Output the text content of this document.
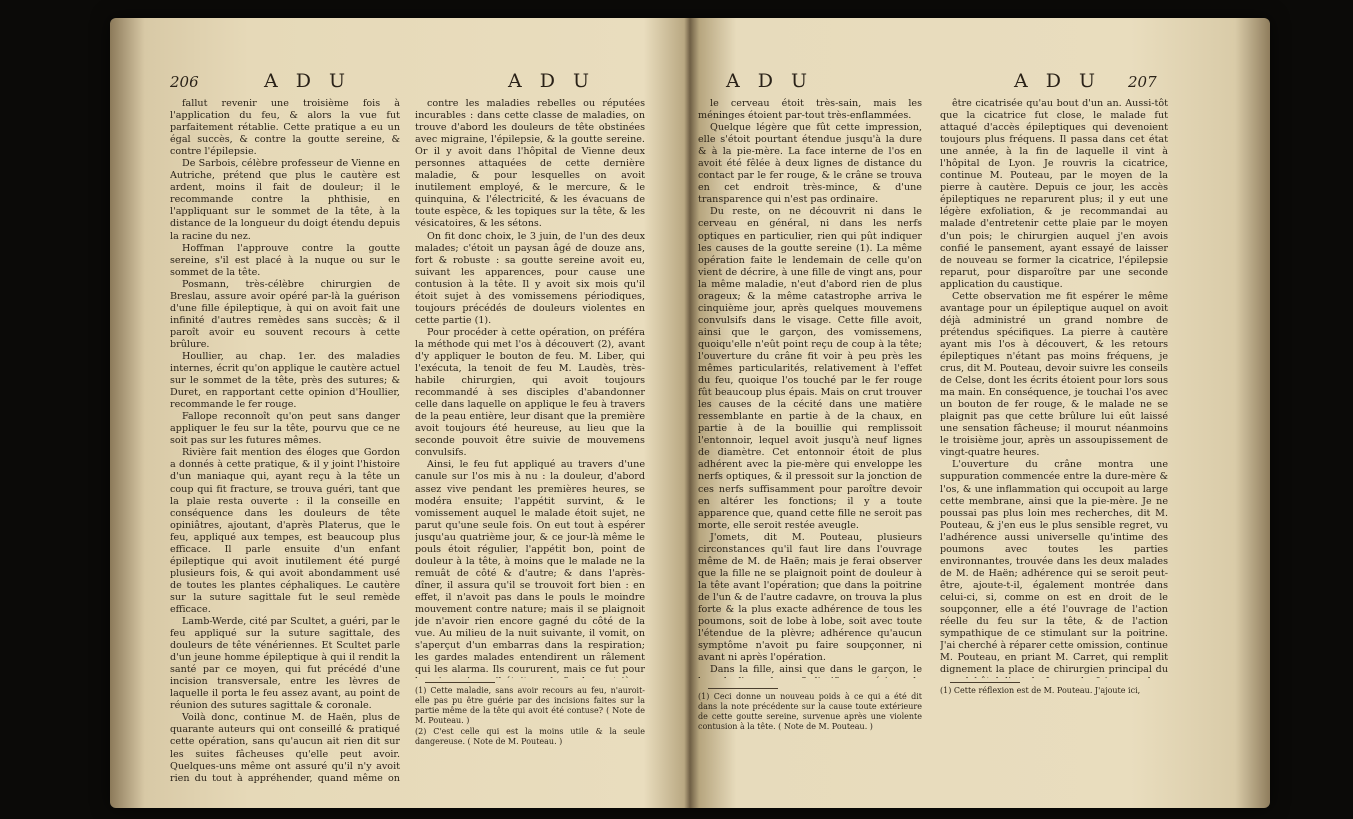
206	A D U	A D U

fallut revenir une troisième fois à l'application du feu, & alors la vue fut parfaitement rétablie. Cette pratique a eu un égal succès, & contre la goutte sereine, & contre l'épilepsie.

De Sarbois, célèbre professeur de Vienne en Autriche, prétend que plus le cautère est ardent, moins il fait de douleur; il le recommande contre la phthisie, en l'appliquant sur le sommet de la tête, à la distance de la longueur du doigt étendu depuis la racine du nez.

Hoffman l'approuve contre la goutte sereine, s'il est placé à la nuque ou sur le sommet de la tête.

Posmann, très-célèbre chirurgien de Breslau, assure avoir opéré par-là la guérison d'une fille épileptique, à qui on avoit fait une infinité d'autres remèdes sans succès; & il paroît avoir eu souvent recours à cette brûlure.

Houllier, au chap. 1er. des maladies internes, écrit qu'on applique le cautère actuel sur le sommet de la tête, près des sutures; & Duret, en rapportant cette opinion d'Houllier, recommande le fer rouge.

Fallope reconnoît qu'on peut sans danger appliquer le feu sur la tête, pourvu que ce ne soit pas sur les futures mêmes.

Rivière fait mention des éloges que Gordon a donnés à cette pratique, & il y joint l'histoire d'un maniaque qui, ayant reçu à la tête un coup qui fit fracture, se trouva guéri, tant que la plaie resta ouverte : il la conseille en conséquence dans les douleurs de tête opiniâtres, ajoutant, d'après Platerus, que le feu, appliqué aux tempes, est beaucoup plus efficace. Il parle ensuite d'un enfant épileptique qui avoit inutilement été purgé plusieurs fois, & qui avoit abondamment usé de toutes les plantes céphaliques. Le cautère sur la suture sagittale fut le seul remède efficace.

Lamb-Werde, cité par Scultet, a guéri, par le feu appliqué sur la suture sagittale, des douleurs de tête vénériennes. Et Scultet parle d'un jeune homme épileptique à qui il rendit la santé par ce moyen, qui fut précédé d'une incision transversale, entre les lèvres de laquelle il porta le feu assez avant, au point de réunion des sutures sagittale & coronale.

Voilà donc, continue M. de Haën, plus de quarante auteurs qui ont conseillé & pratiqué cette opération, sans qu'aucun ait rien dit sur les suites fâcheuses qu'elle peut avoir. Quelques-uns même ont assuré qu'il n'y avoit rien du tout à appréhender, quand même on

contre les maladies rebelles ou réputées incurables : dans cette classe de maladies, on trouve d'abord les douleurs de tête obstinées avec migraine, l'épilepsie, & la goutte sereine. Or il y avoit dans l'hôpital de Vienne deux personnes attaquées de cette dernière maladie, & pour lesquelles on avoit inutilement employé, & le mercure, & le quinquina, & l'électricité, & les évacuans de toute espèce, & les topiques sur la tête, & les vésicatoires, & les sétons.

On fit donc choix, le 3 juin, de l'un des deux malades; c'étoit un paysan âgé de douze ans, fort & robuste : sa goutte sereine avoit eu, suivant les apparences, pour cause une contusion à la tête. Il y avoit six mois qu'il étoit sujet à des vomissemens périodiques, toujours précédés de douleurs violentes en cette partie (1).

Pour procéder à cette opération, on préféra la méthode qui met l'os à découvert (2), avant d'y appliquer le bouton de feu. M. Liber, qui l'exécuta, la tenoit de feu M. Laudès, très-habile chirurgien, qui avoit toujours recommandé à ses disciples d'abandonner celle dans laquelle on applique le feu à travers de la peau entière, leur disant que la première avoit toujours été heureuse, au lieu que la seconde pouvoit être suivie de mouvemens convulsifs.

Ainsi, le feu fut appliqué au travers d'une canule sur l'os mis à nu : la douleur, d'abord assez vive pendant les premières heures, se modéra ensuite; l'appétit survint, & le vomissement auquel le malade étoit sujet, ne parut qu'une seule fois. On eut tout à espérer jusqu'au quatrième jour, & ce jour-là même le pouls étoit régulier, l'appétit bon, point de douleur à la tête, à moins que le malade ne la remuât de côté & d'autre; & dans l'après-dîner, il assura qu'il se trouvoit fort bien : en effet, il n'avoit pas dans le pouls le moindre mouvement contre nature; mais il se plaignoit jde n'avoir rien encore gagné du côté de la vue. Au milieu de la nuit suivante, il vomit, on s'aperçut d'un embarras dans la respiration; les gardes malades entendirent un râlement qui les alarma. Ils coururent, mais ce fut pour

(1) Cette maladie, sans avoir recours au feu, n'auroit-elle pas pu être guérie par des incisions faites sur la partie même de la tête qui avoit été contuse? ( Note de M. Pouteau. )

(2) C'est celle qui est la moins utile & la seule dangereuse. ( Note de M. Pouteau. )

A D U	A D U 207

le cerveau étoit très-sain, mais les méninges étoient par-tout très-enflammées.

Quelque légère que fût cette impression, elle s'étoit pourtant étendue jusqu'à la dure & à la pie-mère. La face interne de l'os en avoit été fêlée à deux lignes de distance du contact par le fer rouge, & le crâne se trouva en cet endroit très-mince, & d'une transparence qui n'est pas ordinaire.

Du reste, on ne découvrit ni dans le cerveau en général, ni dans les nerfs optiques en particulier, rien qui pût indiquer les causes de la goutte sereine (1). La même opération faite le lendemain de celle qu'on vient de décrire, à une fille de vingt ans, pour la même maladie, n'eut d'abord rien de plus orageux; & la même catastrophe arriva le cinquième jour, après quelques mouvemens convulsifs dans le visage. Cette fille avoit, ainsi que le garçon, des vomissemens, quoiqu'elle n'eût point reçu de coup à la tête; l'ouverture du crâne fit voir à peu près les mêmes particularités, relativement à l'effet du feu, quoique l'os touché par le fer rouge fût beaucoup plus épais. Mais on crut trouver les causes de la cécité dans une matière ressemblante en partie à de la chaux, en partie à de la bouillie qui remplissoit l'entonnoir, lequel avoit jusqu'à neuf lignes de diamètre. Cet entonnoir étoit de plus adhérent avec la pie-mère qui enveloppe les nerfs optiques, & il pressoit sur la jonction de ces nerfs suffisamment pour paroître devoir en altérer les fonctions; il y a toute apparence que, quand cette fille ne seroit pas morte, elle seroit restée aveugle.

J'omets, dit M. Pouteau, plusieurs circonstances qu'il faut lire dans l'ouvrage même de M. de Haën; mais je ferai observer que la fille ne se plaignoit point de douleur à la tête avant l'opération; que dans la poitrine de l'un & de l'autre cadavre, on trouva la plus forte & la plus exacte adhérence de tous les poumons, soit de lobe à lobe, soit avec toute l'étendue de la plèvre; adhérence qu'aucun symptôme n'avoit pu faire soupçonner, ni avant ni après l'opération.

Dans la fille, ainsi que dans le garçon, le

(1) Ceci donne un nouveau poids à ce qui a été dit dans la note précédente sur la cause toute extérieure de cette goutte sereine, survenue après une violente contusion à la tête. ( Note de M. Pouteau. )

être cicatrisée qu'au bout d'un an. Aussi-tôt que la cicatrice fut close, le malade fut attaqué d'accès épileptiques qui devenoient toujours plus fréquens. Il passa dans cet état une année, à la fin de laquelle il vint à l'hôpital de Lyon. Je rouvris la cicatrice, continue M. Pouteau, par le moyen de la pierre à cautère. Depuis ce jour, les accès épileptiques ne reparurent plus; il y eut une légère exfoliation, & je recommandai au malade d'entretenir cette plaie par le moyen d'un pois; le chirurgien auquel j'en avois confié le pansement, ayant essayé de laisser de nouveau se former la cicatrice, l'épilepsie reparut, pour disparoître par une seconde application du caustique.

Cette observation me fit espérer le même avantage pour un épileptique auquel on avoit déjà administré un grand nombre de prétendus spécifiques. La pierre à cautère ayant mis l'os à découvert, & les retours épileptiques n'étant pas moins fréquens, je crus, dit M. Pouteau, devoir suivre les conseils de Celse, dont les écrits étoient pour lors sous ma main. En conséquence, je touchai l'os avec un bouton de fer rouge, & le malade ne se plaignit pas que cette brûlure lui eût laissé une sensation fâcheuse; il mourut néanmoins le troisième jour, après un assoupissement de vingt-quatre heures.

L'ouverture du crâne montra une suppuration commencée entre la dure-mère & l'os, & une inflammation qui occupoit au large cette membrane, ainsi que la pie-mère. Je ne poussai pas plus loin mes recherches, dit M. Pouteau, & j'en eus le plus sensible regret, vu l'adhérence aussi universelle qu'intime des poumons avec toutes les parties environnantes, trouvée dans les deux malades de M. de Haën; adhérence qui se seroit peut-être, ajoute-t-il, également montrée dans celui-ci, si, comme on est en droit de le soupçonner, elle a été l'ouvrage de l'action réelle du feu sur la tête, & de l'action sympathique de ce stimulant sur la poitrine. J'ai cherché à réparer cette omission, continue M. Pouteau, en priant M. Carret, qui remplit dignement la place de chirurgien principal du

(1) Cette réflexion est de M. Pouteau. J'ajoute ici,
